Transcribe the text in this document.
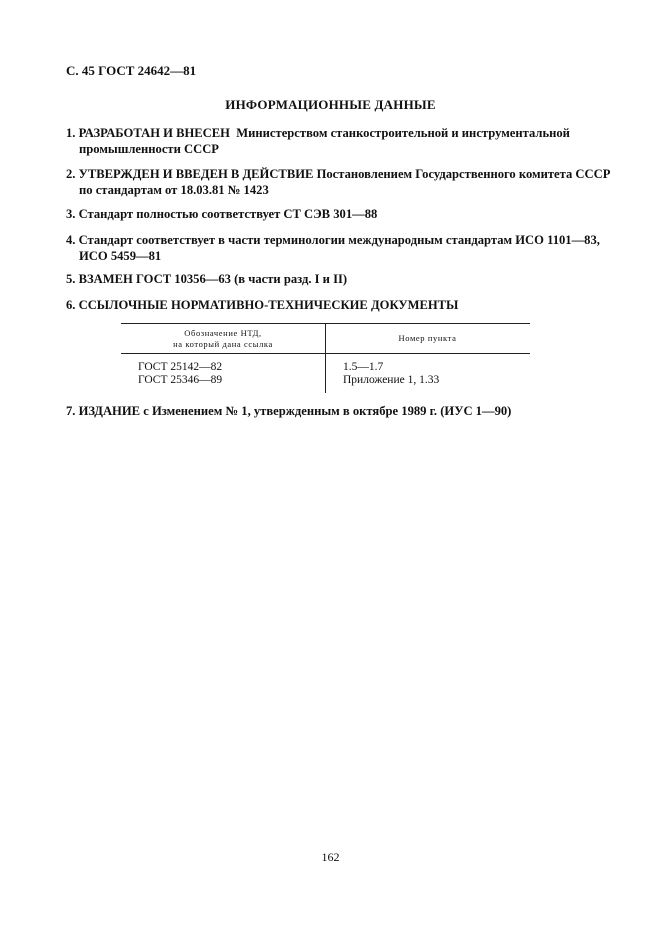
С. 45 ГОСТ 24642—81
ИНФОРМАЦИОННЫЕ ДАННЫЕ
1. РАЗРАБОТАН И ВНЕСЕН Министерством станкостроительной и инструментальной промышленности СССР
2. УТВЕРЖДЕН И ВВЕДЕН В ДЕЙСТВИЕ Постановлением Государственного комитета СССР по стандартам от 18.03.81 № 1423
3. Стандарт полностью соответствует СТ СЭВ 301—88
4. Стандарт соответствует в части терминологии международным стандартам ИСО 1101—83, ИСО 5459—81
5. ВЗАМЕН ГОСТ 10356—63 (в части разд. I и II)
6. ССЫЛОЧНЫЕ НОРМАТИВНО-ТЕХНИЧЕСКИЕ ДОКУМЕНТЫ
Обозначение НТД,
на который дана ссылка
Номер пункта
ГОСТ 25142—82
ГОСТ 25346—89
1.5—1.7
Приложение 1, 1.33
7. ИЗДАНИЕ с Изменением № 1, утвержденным в октябре 1989 г. (ИУС 1—90)
162
